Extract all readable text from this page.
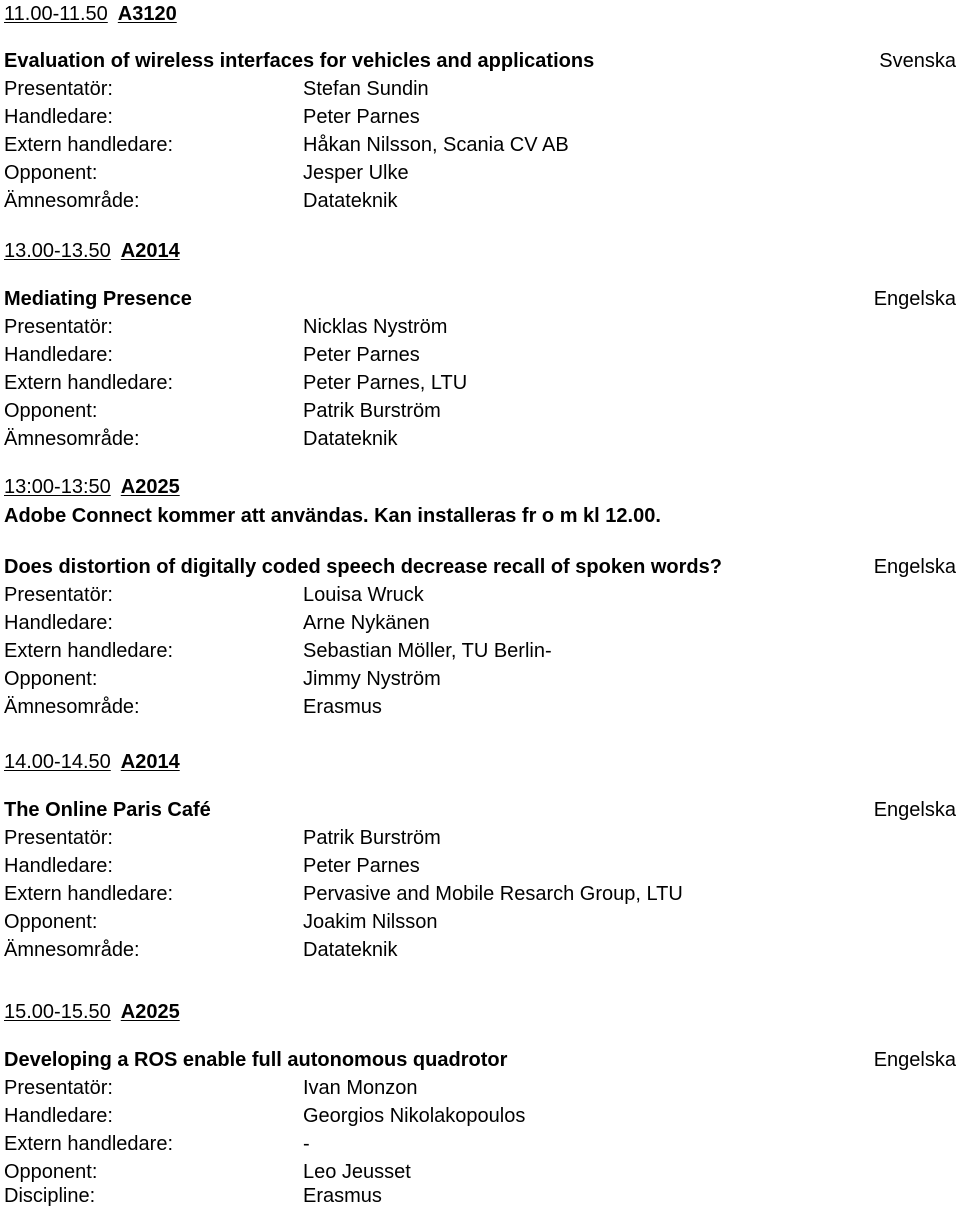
11.00-11.50 A3120
Evaluation of wireless interfaces for vehicles and applications	Svenska
Presentatör:	Stefan Sundin
Handledare:	Peter Parnes
Extern handledare:	Håkan Nilsson, Scania CV AB
Opponent:	Jesper Ulke
Ämnesområde:	Datateknik
13.00-13.50 A2014
Mediating Presence	Engelska
Presentatör:	Nicklas Nyström
Handledare:	Peter Parnes
Extern handledare:	Peter Parnes, LTU
Opponent:	Patrik Burström
Ämnesområde:	Datateknik
13:00-13:50 A2025
Adobe Connect kommer att användas. Kan installeras fr o m kl 12.00.
Does distortion of digitally coded speech decrease recall of spoken words?	Engelska
Presentatör:	Louisa Wruck
Handledare:	Arne Nykänen
Extern handledare:	Sebastian Möller, TU Berlin-
Opponent:	Jimmy Nyström
Ämnesområde:	Erasmus
14.00-14.50 A2014
The Online Paris Café	Engelska
Presentatör:	Patrik Burström
Handledare:	Peter Parnes
Extern handledare:	Pervasive and Mobile Resarch Group, LTU
Opponent:	Joakim Nilsson
Ämnesområde:	Datateknik
15.00-15.50 A2025
Developing a ROS enable full autonomous quadrotor	Engelska
Presentatör:	Ivan Monzon
Handledare:	Georgios Nikolakopoulos
Extern handledare:	-
Opponent:	Leo Jeusset
Discipline:	Erasmus
